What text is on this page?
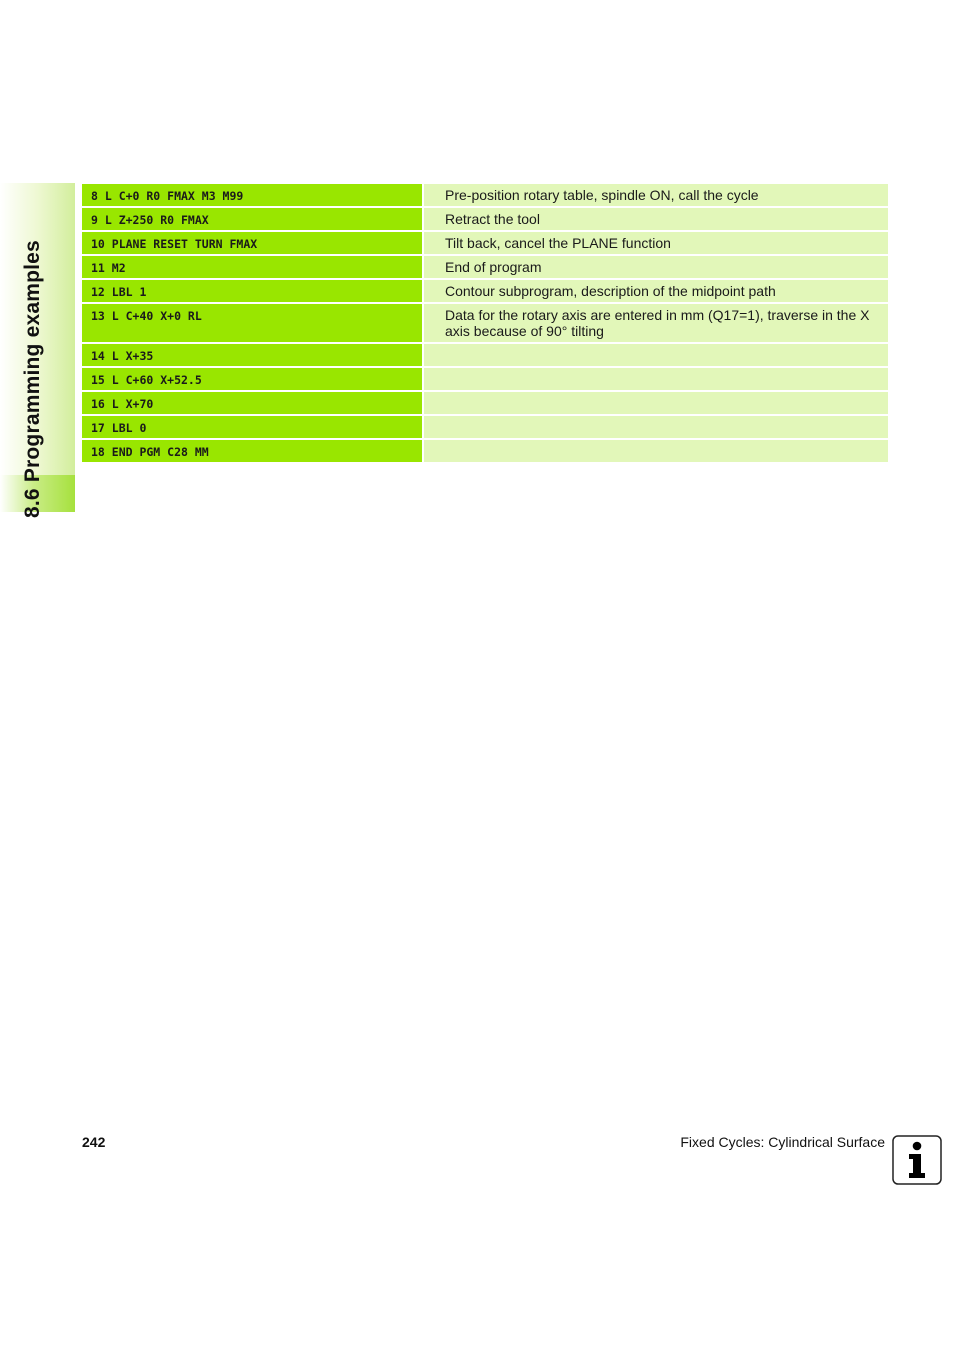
8.6 Programming examples
8 L C+0 R0 FMAX M3 M99	Pre-position rotary table, spindle ON, call the cycle
9 L Z+250 R0 FMAX	Retract the tool
10 PLANE RESET TURN FMAX	Tilt back, cancel the PLANE function
11 M2	End of program
12 LBL 1	Contour subprogram, description of the midpoint path
13 L C+40 X+0 RL	Data for the rotary axis are entered in mm (Q17=1), traverse in the X axis because of 90° tilting
14 L X+35
15 L C+60 X+52.5
16 L X+70
17 LBL 0
18 END PGM C28 MM
242	Fixed Cycles: Cylindrical Surface
